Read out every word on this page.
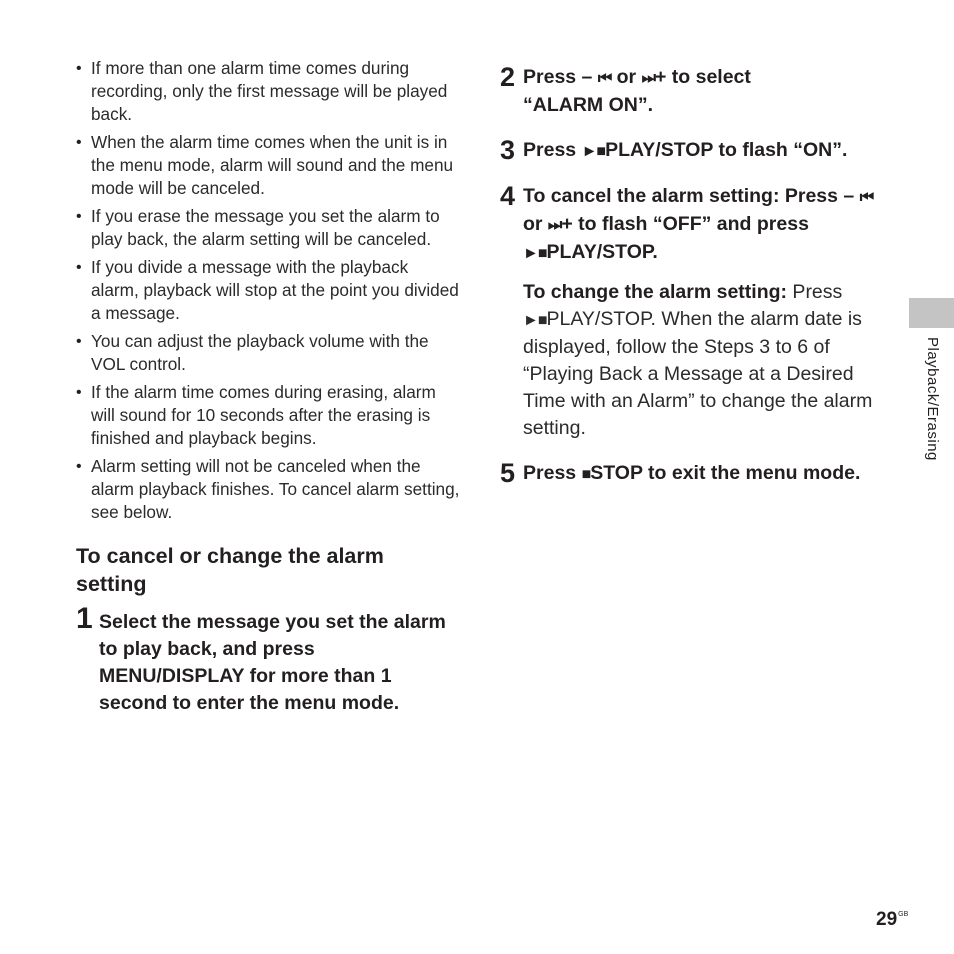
• If more than one alarm time comes during recording, only the first message will be played back.
• When the alarm time comes when the unit is in the menu mode, alarm will sound and the menu mode will be canceled.
• If you erase the message you set the alarm to play back, the alarm setting will be canceled.
• If you divide a message with the playback alarm, playback will stop at the point you divided a message.
• You can adjust the playback volume with the VOL control.
• If the alarm time comes during erasing, alarm will sound for 10 seconds after the erasing is finished and playback begins.
• Alarm setting will not be canceled when the alarm playback finishes. To cancel alarm setting, see below.
To cancel or change the alarm setting
1 Select the message you set the alarm to play back, and press MENU/DISPLAY for more than 1 second to enter the menu mode.
2 Press – ⏮ or ⏭+ to select
“ALARM ON”.
3 Press ►■PLAY/STOP to flash “ON”.
4 To cancel the alarm setting: Press – ⏮ or ⏭+ to flash “OFF” and press ►■PLAY/STOP.
To change the alarm setting: Press
►■PLAY/STOP. When the alarm date is displayed, follow the Steps 3 to 6 of “Playing Back a Message at a Desired Time with an Alarm” to change the alarm setting.
5 Press ■STOP to exit the menu mode.
Playback/Erasing
$29^{GB}$
